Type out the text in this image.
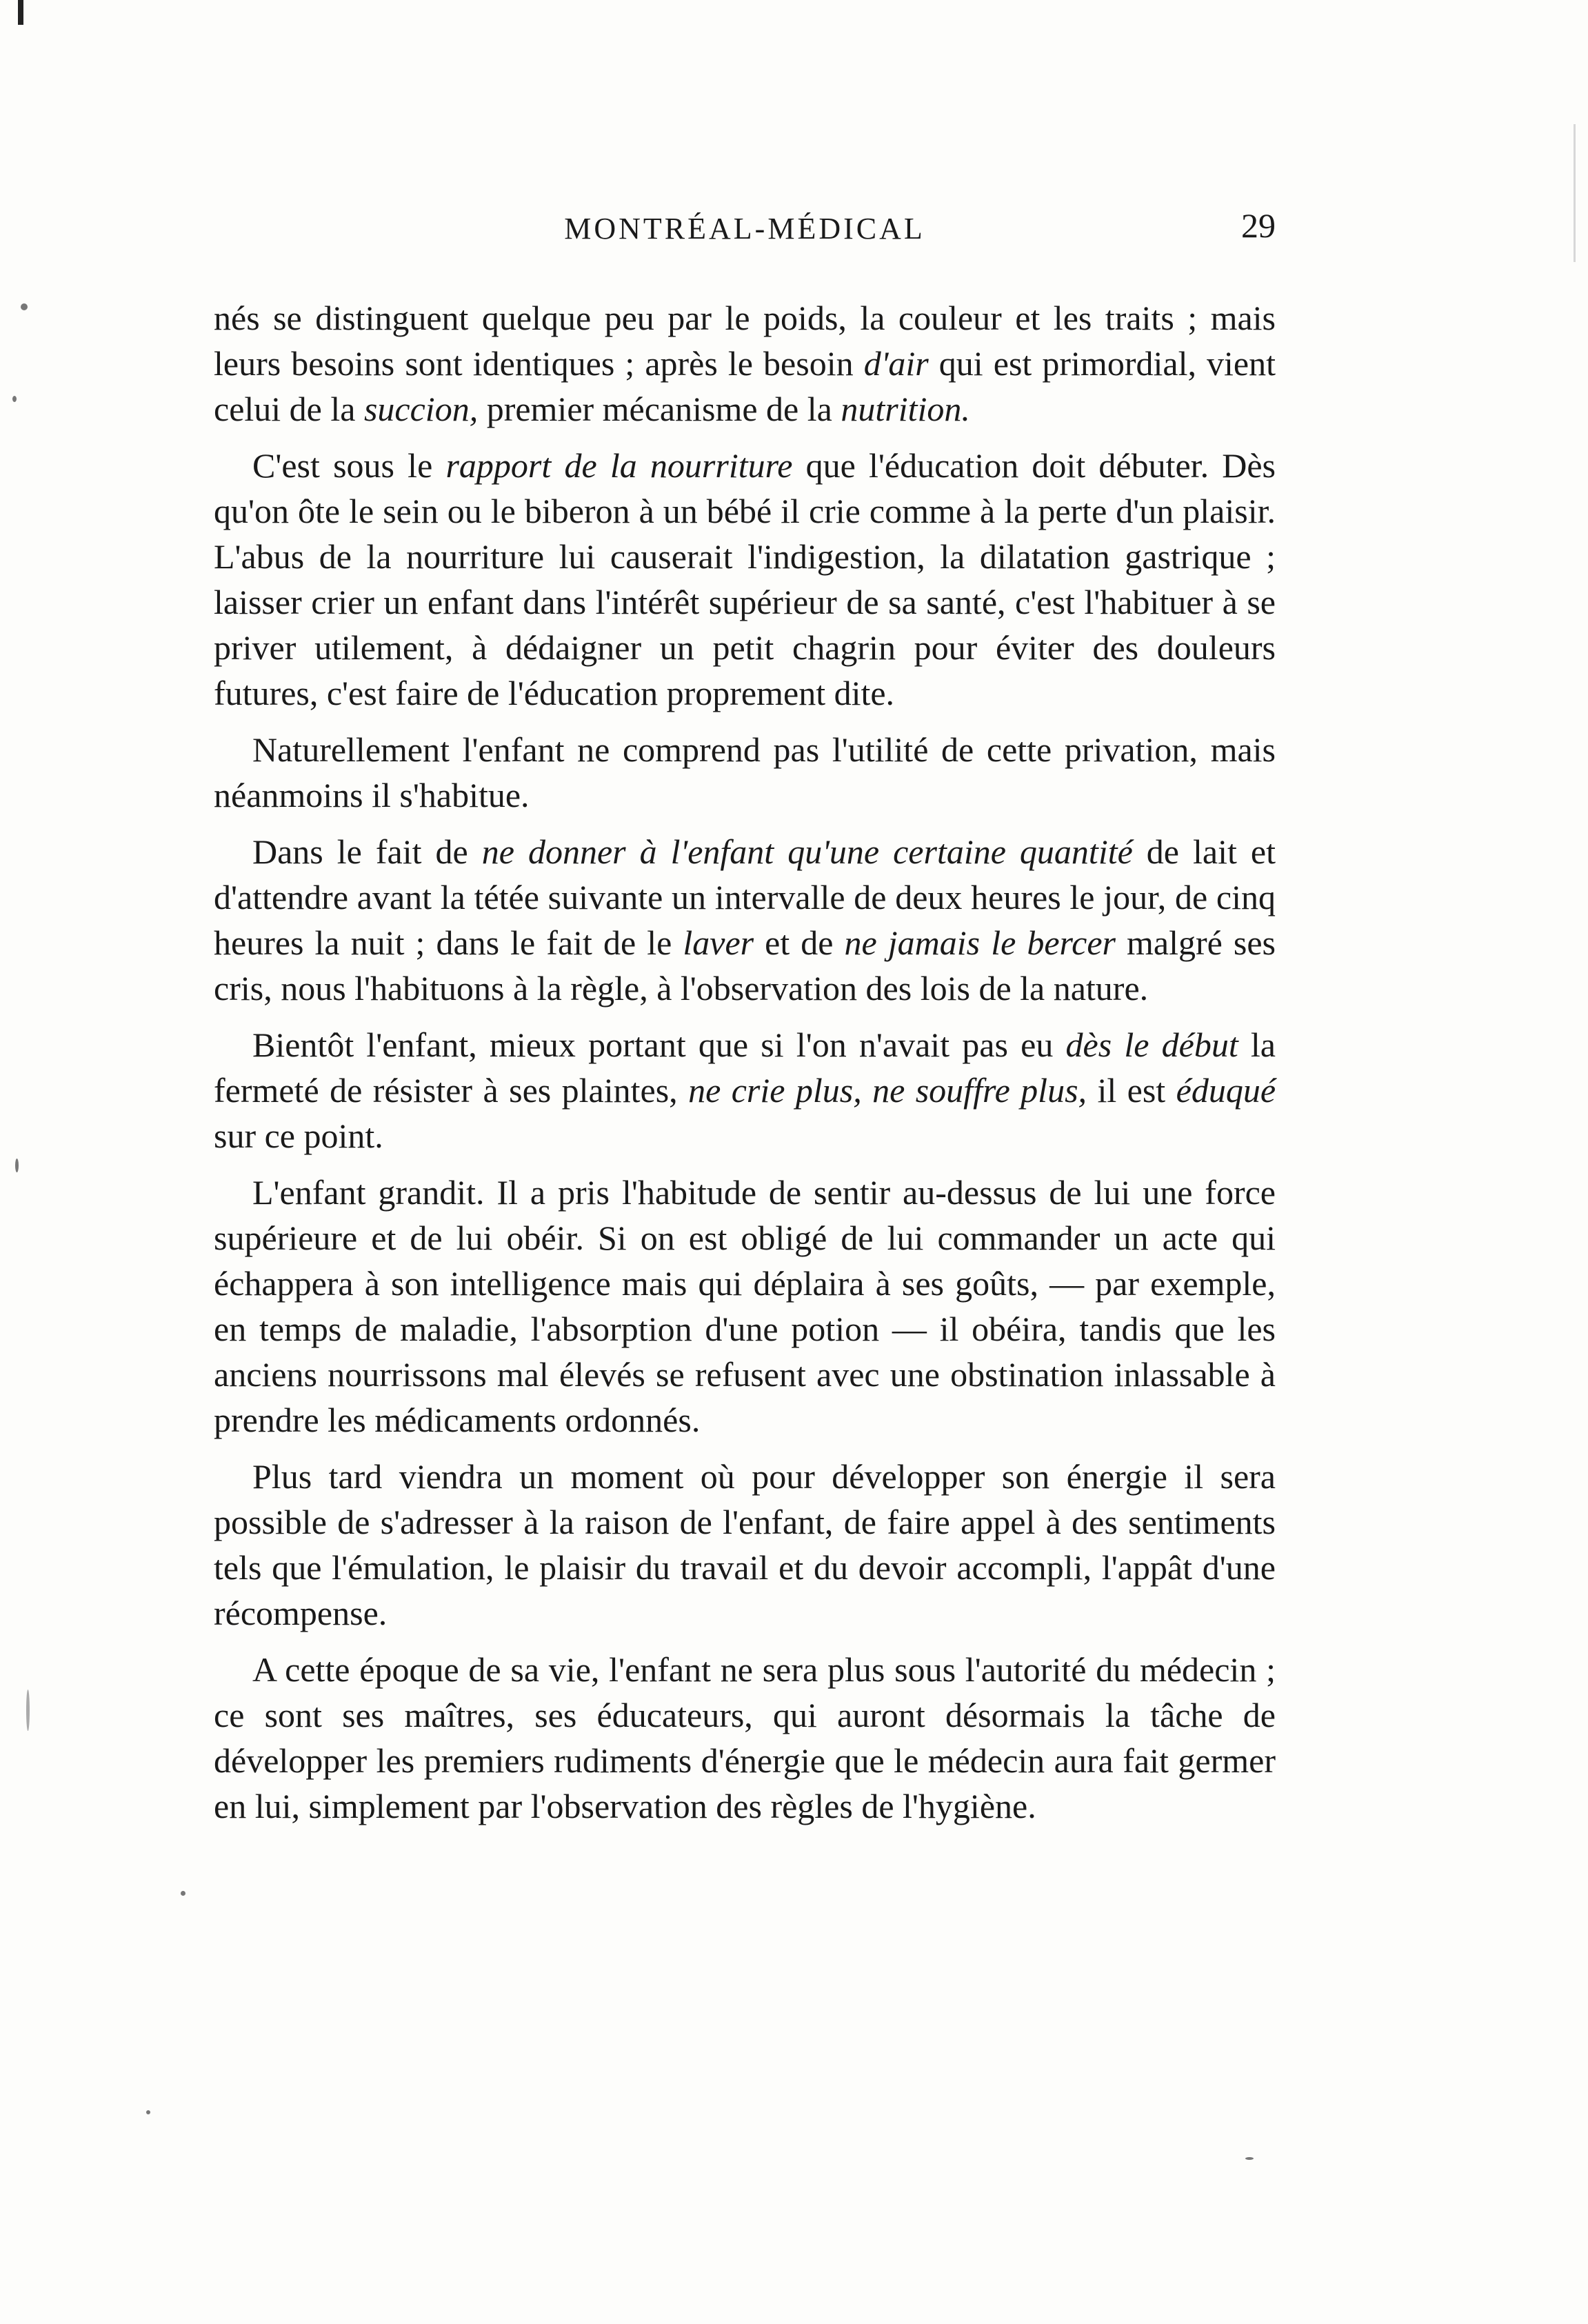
MONTRÉAL-MÉDICAL	29

nés se distinguent quelque peu par le poids, la couleur et les traits ; mais leurs besoins sont identiques ; après le besoin d'air qui est primordial, vient celui de la succion, premier mécanisme de la nutrition.

C'est sous le rapport de la nourriture que l'éducation doit débuter. Dès qu'on ôte le sein ou le biberon à un bébé il crie comme à la perte d'un plaisir. L'abus de la nourriture lui causerait l'indigestion, la dilatation gastrique ; laisser crier un enfant dans l'intérêt supérieur de sa santé, c'est l'habituer à se priver utilement, à dédaigner un petit chagrin pour éviter des douleurs futures, c'est faire de l'éducation proprement dite.

Naturellement l'enfant ne comprend pas l'utilité de cette privation, mais néanmoins il s'habitue.

Dans le fait de ne donner à l'enfant qu'une certaine quantité de lait et d'attendre avant la tétée suivante un intervalle de deux heures le jour, de cinq heures la nuit ; dans le fait de le laver et de ne jamais le bercer malgré ses cris, nous l'habituons à la règle, à l'observation des lois de la nature.

Bientôt l'enfant, mieux portant que si l'on n'avait pas eu dès le début la fermeté de résister à ses plaintes, ne crie plus, ne souffre plus, il est éduqué sur ce point.

L'enfant grandit. Il a pris l'habitude de sentir au-dessus de lui une force supérieure et de lui obéir. Si on est obligé de lui commander un acte qui échappera à son intelligence mais qui déplaira à ses goûts, — par exemple, en temps de maladie, l'absorption d'une potion — il obéira, tandis que les anciens nourrissons mal élevés se refusent avec une obstination inlassable à prendre les médicaments ordonnés.

Plus tard viendra un moment où pour développer son énergie il sera possible de s'adresser à la raison de l'enfant, de faire appel à des sentiments tels que l'émulation, le plaisir du travail et du devoir accompli, l'appât d'une récompense.

A cette époque de sa vie, l'enfant ne sera plus sous l'autorité du médecin ; ce sont ses maîtres, ses éducateurs, qui auront désormais la tâche de développer les premiers rudiments d'énergie que le médecin aura fait germer en lui, simplement par l'observation des règles de l'hygiène.
